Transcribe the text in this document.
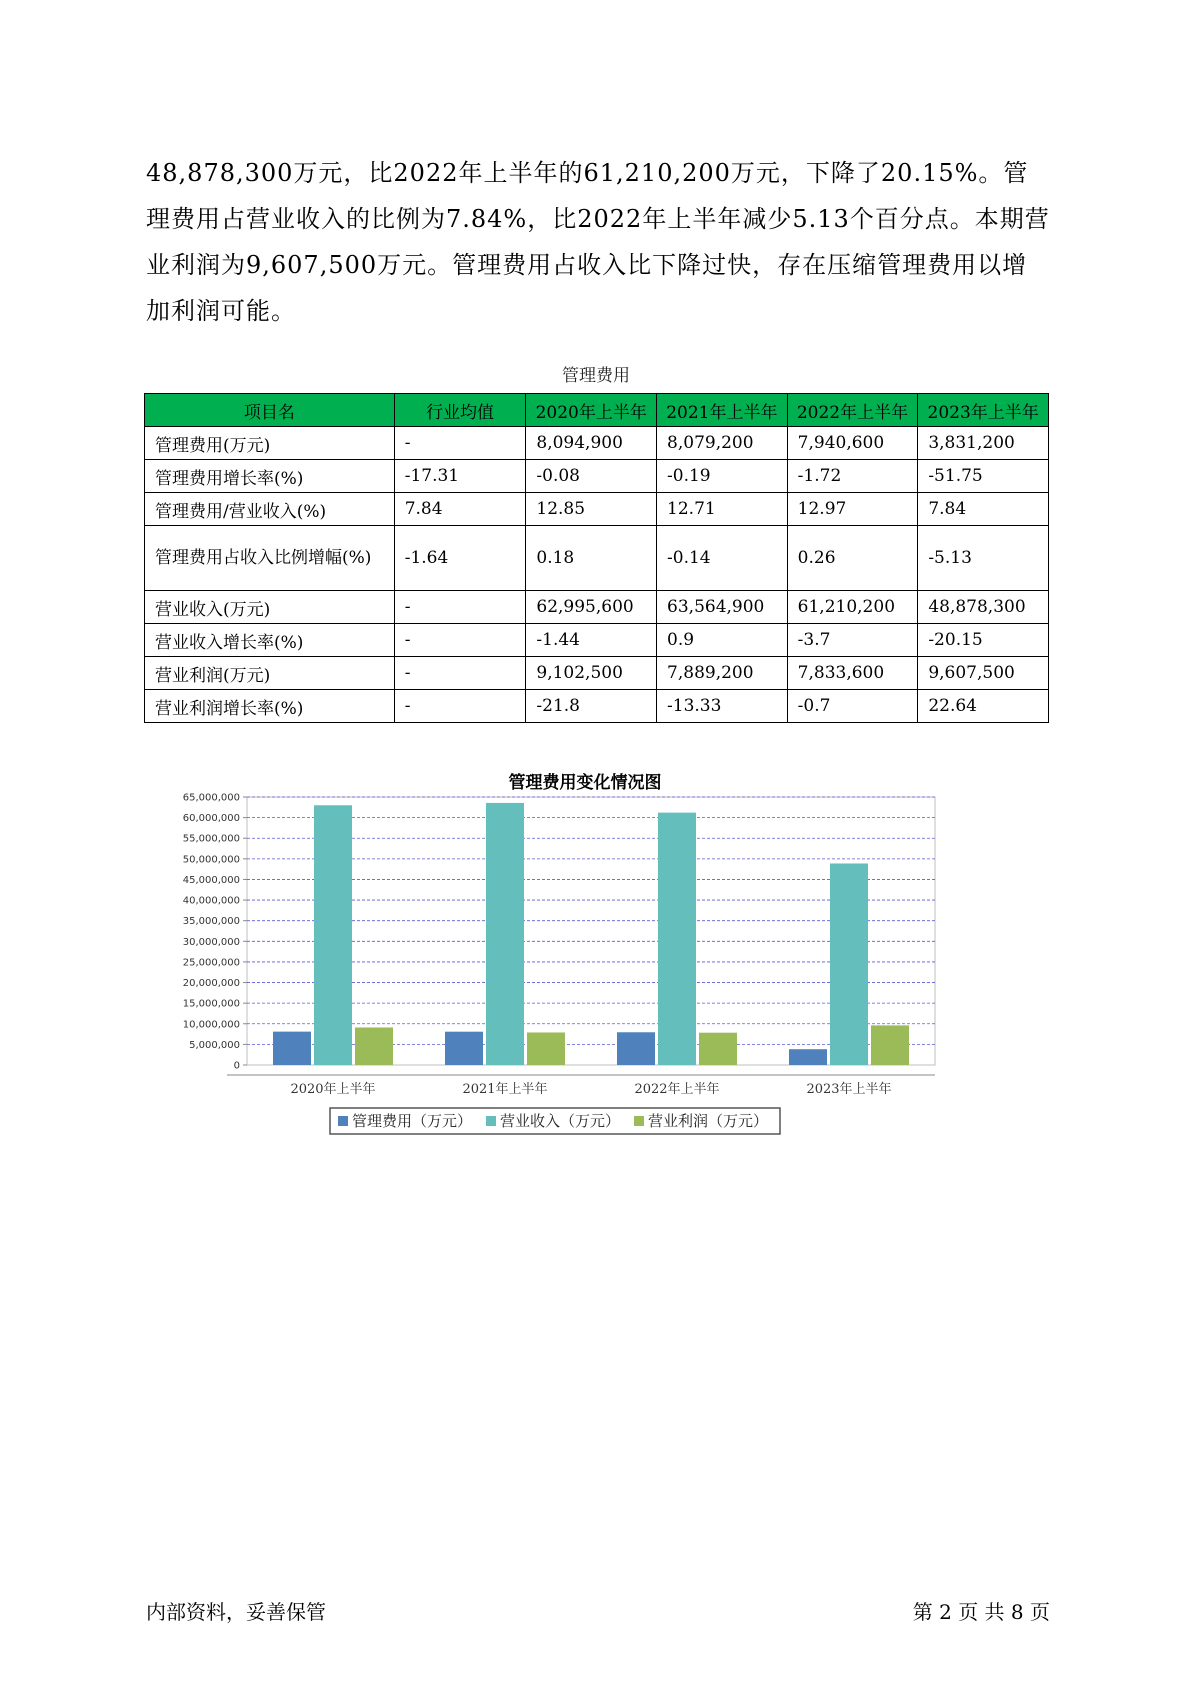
48,878,300万元，比2022年上半年的61,210,200万元，下降了20.15%。管理费用占营业收入的比例为7.84%，比2022年上半年减少5.13个百分点。本期营业利润为9,607,500万元。管理费用占收入比下降过快，存在压缩管理费用以增加利润可能。

管理费用
项目名	行业均值	2020年上半年	2021年上半年	2022年上半年	2023年上半年
管理费用(万元)	-	8,094,900	8,079,200	7,940,600	3,831,200
管理费用增长率(%)	-17.31	-0.08	-0.19	-1.72	-51.75
管理费用/营业收入(%)	7.84	12.85	12.71	12.97	7.84
管理费用占收入比例增幅(%)	-1.64	0.18	-0.14	0.26	-5.13
营业收入(万元)	-	62,995,600	63,564,900	61,210,200	48,878,300
营业收入增长率(%)	-	-1.44	0.9	-3.7	-20.15
营业利润(万元)	-	9,102,500	7,889,200	7,833,600	9,607,500
营业利润增长率(%)	-	-21.8	-13.33	-0.7	22.64
管理费用变化情况图
0
5,000,000
10,000,000
15,000,000
20,000,000
25,000,000
30,000,000
35,000,000
40,000,000
45,000,000
50,000,000
55,000,000
60,000,000
65,000,000
2020年上半年	2021年上半年	2022年上半年	2023年上半年
管理费用（万元） 营业收入（万元） 营业利润（万元）
内部资料，妥善保管	第 2 页 共 8 页
